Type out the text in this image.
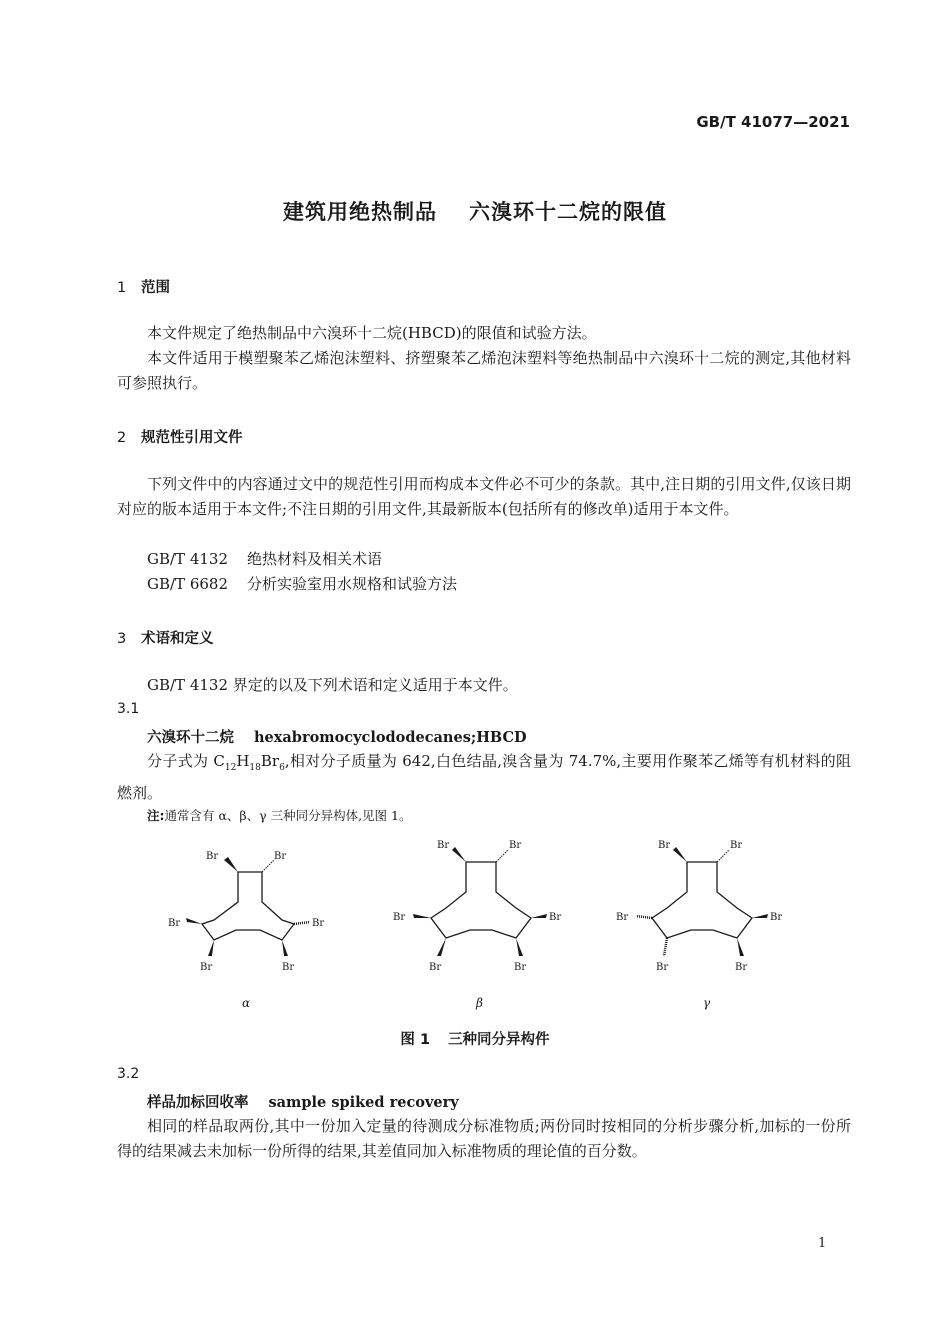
GB/T 41077—2021
建筑用绝热制品 六溴环十二烷的限值
1 范围
本文件规定了绝热制品中六溴环十二烷(HBCD)的限值和试验方法。
本文件适用于模塑聚苯乙烯泡沫塑料、挤塑聚苯乙烯泡沫塑料等绝热制品中六溴环十二烷的测定,其他材料可参照执行。
2 规范性引用文件
下列文件中的内容通过文中的规范性引用而构成本文件必不可少的条款。其中,注日期的引用文件,仅该日期对应的版本适用于本文件;不注日期的引用文件,其最新版本(包括所有的修改单)适用于本文件。
GB/T 4132 绝热材料及相关术语
GB/T 6682 分析实验室用水规格和试验方法
3 术语和定义
GB/T 4132 界定的以及下列术语和定义适用于本文件。
3.1
六溴环十二烷 hexabromocyclododecanes;HBCD
分子式为 $C_{12}H_{18}Br_6$,相对分子质量为 642,白色结晶,溴含量为 74.7%,主要用作聚苯乙烯等有机材料的阻燃剂。
注:通常含有 α、β、γ 三种同分异构体,见图 1。
Br	Br
Br	Br
Br	Br
Br	Br
Br	Br
Br	Br
Br	Br
Br	Br
Br	Br
α	β	γ
图 1 三种同分异构件
3.2
样品加标回收率 sample spiked recovery
相同的样品取两份,其中一份加入定量的待测成分标准物质;两份同时按相同的分析步骤分析,加标的一份所得的结果减去未加标一份所得的结果,其差值同加入标准物质的理论值的百分数。
1
